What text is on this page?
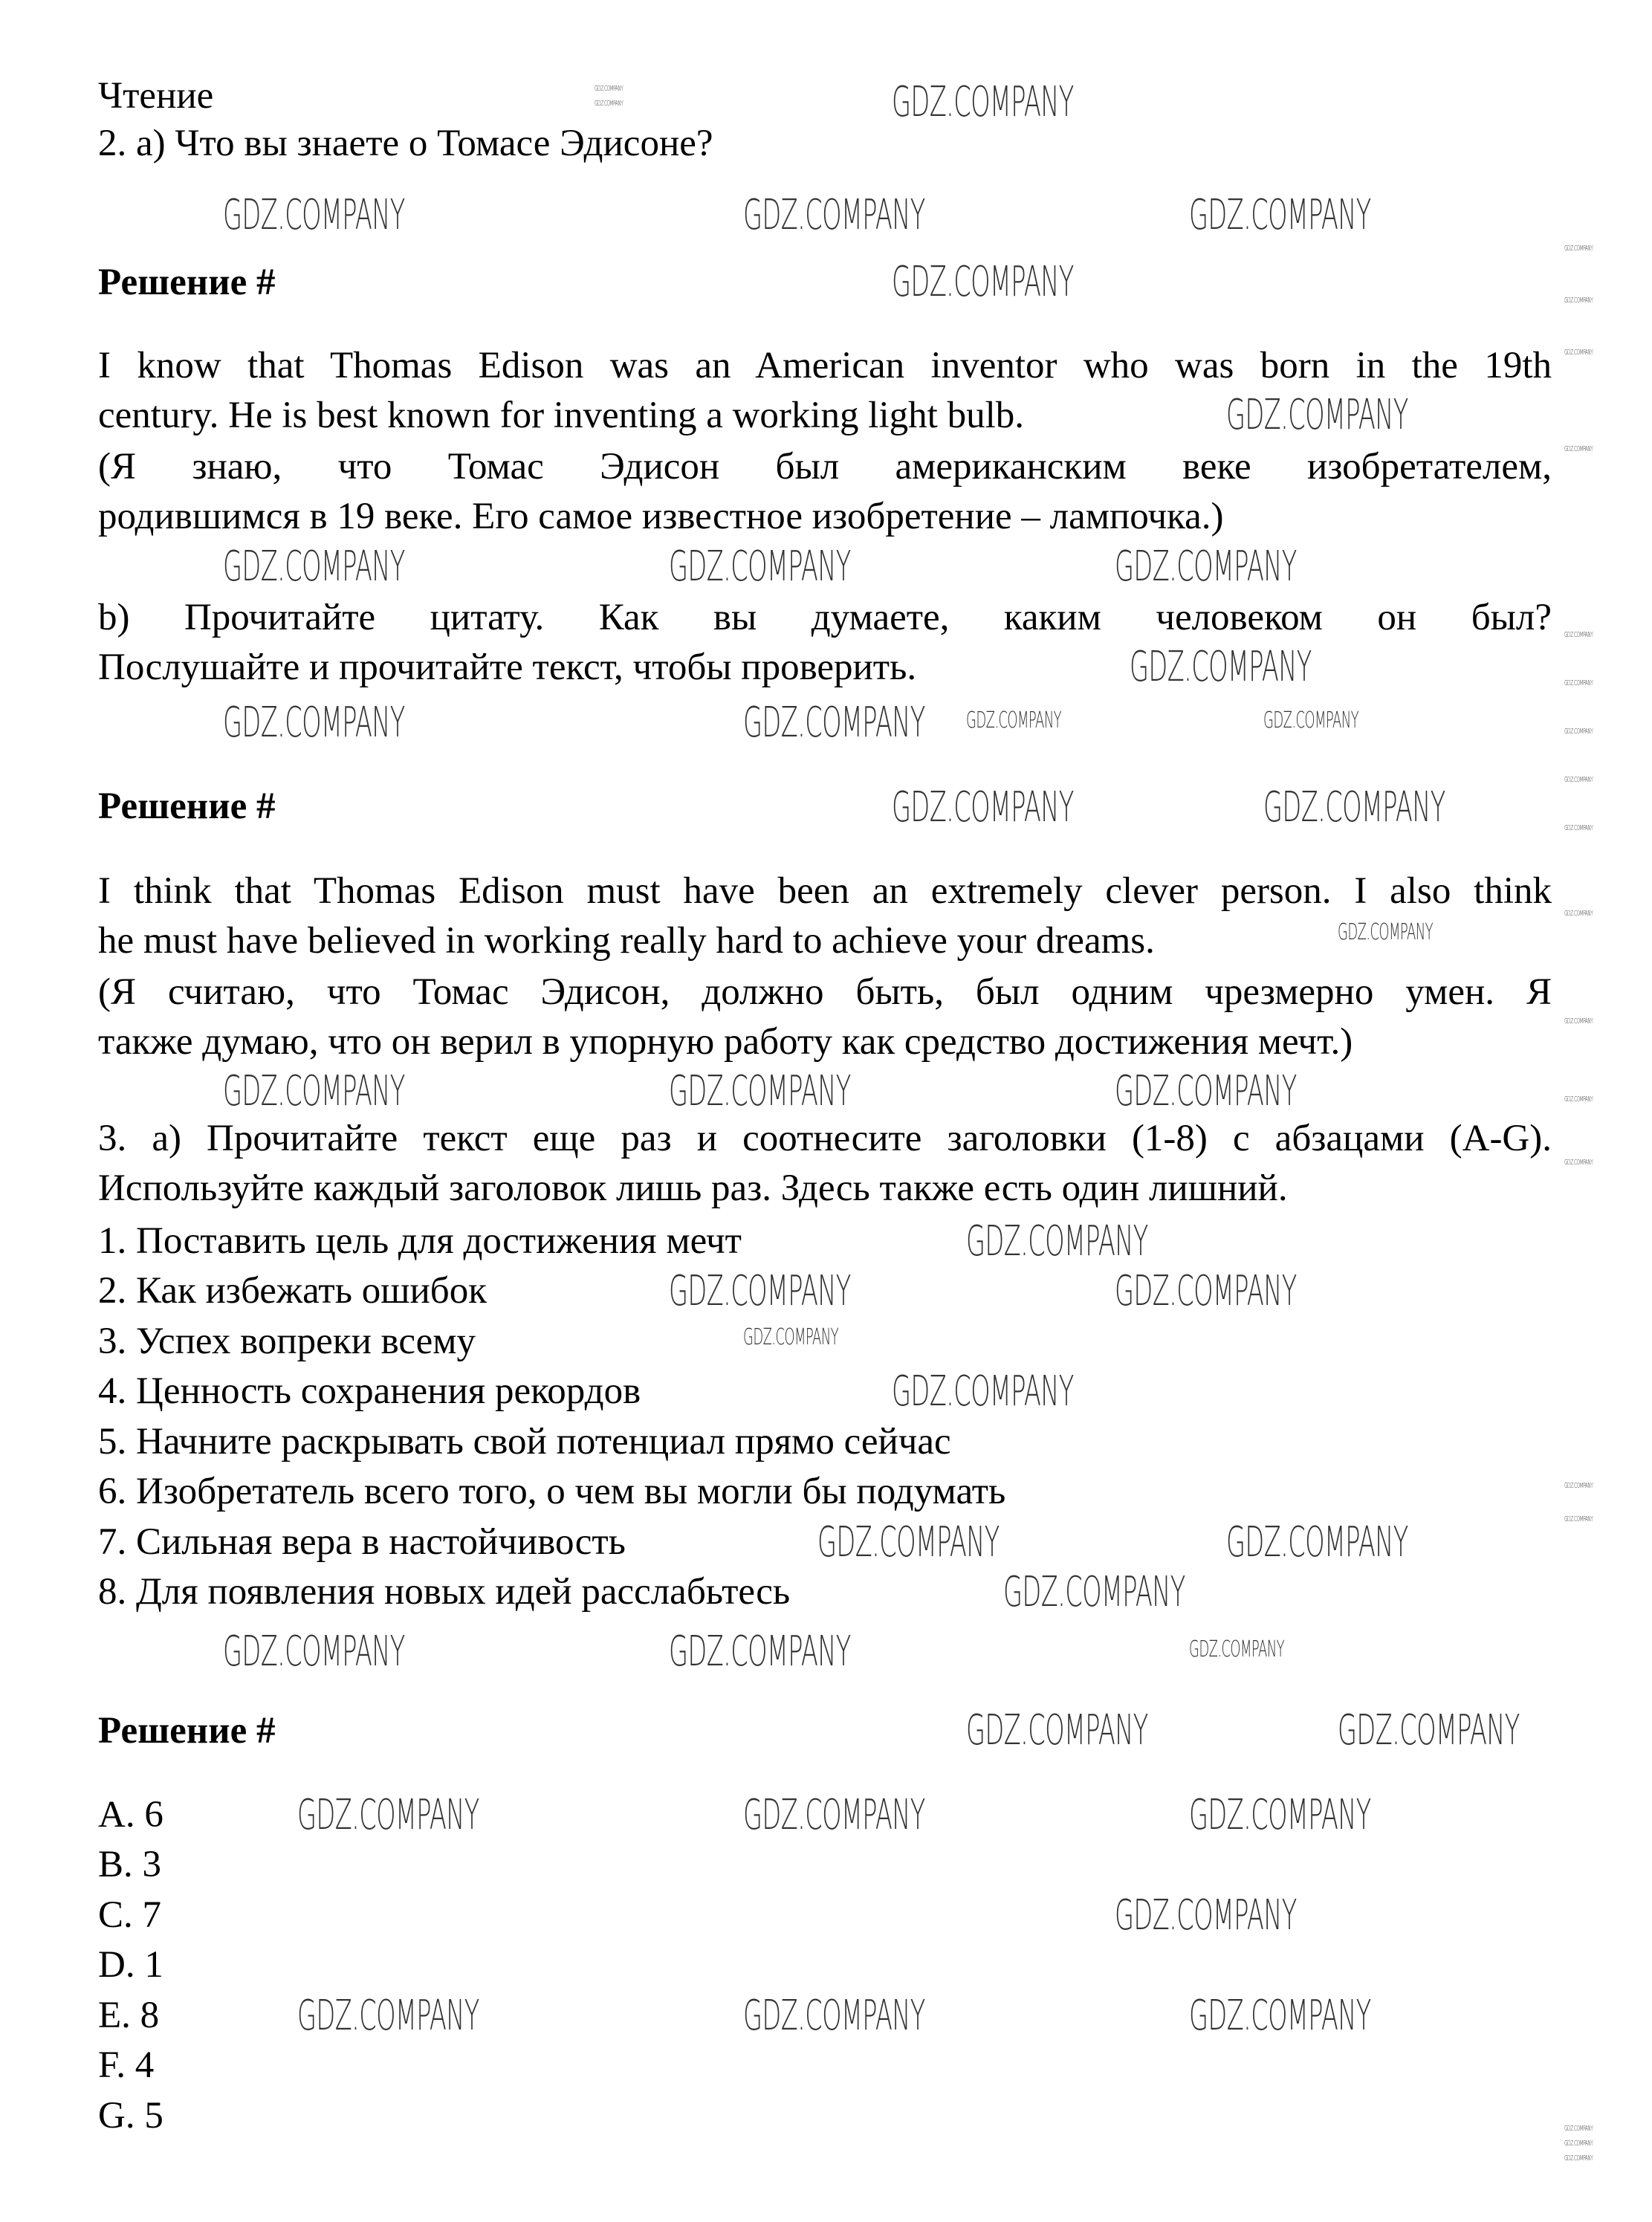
Чтение
2. a) Что вы знаете о Томасе Эдисоне?
Решение #
I know that Thomas Edison was an American inventor who was born in the 19th
century. He is best known for inventing a working light bulb.
(Я знаю, что Томас Эдисон был американским веке изобретателем,
родившимся в 19 веке. Его самое известное изобретение – лампочка.)
b) Прочитайте цитату. Как вы думаете, каким человеком он был?
Послушайте и прочитайте текст, чтобы проверить.
Решение #
I think that Thomas Edison must have been an extremely clever person. I also think
he must have believed in working really hard to achieve your dreams.
(Я считаю, что Томас Эдисон, должно быть, был одним чрезмерно умен. Я
также думаю, что он верил в упорную работу как средство достижения мечт.)
3. a) Прочитайте текст еще раз и соотнесите заголовки (1-8) с абзацами (A-G).
Используйте каждый заголовок лишь раз. Здесь также есть один лишний.
Решение #
1. Поставить цель для достижения мечт
2. Как избежать ошибок
3. Успех вопреки всему
4. Ценность сохранения рекордов
5. Начните раскрывать свой потенциал прямо сейчас
6. Изобретатель всего того, о чем вы могли бы подумать
7. Сильная вера в настойчивость
8. Для появления новых идей расслабьтесь
A. 6
B. 3
C. 7
D. 1
E. 8
F. 4
G. 5
GDZ.COMPANY
GDZ.COMPANY	GDZ.COMPANY	GDZ.COMPANY
GDZ.COMPANY
GDZ.COMPANY
GDZ.COMPANY	GDZ.COMPANY	GDZ.COMPANY
GDZ.COMPANY
GDZ.COMPANY	GDZ.COMPANY
GDZ.COMPANY	GDZ.COMPANY
GDZ.COMPANY	GDZ.COMPANY	GDZ.COMPANY
GDZ.COMPANY
GDZ.COMPANY	GDZ.COMPANY
GDZ.COMPANY
GDZ.COMPANY	GDZ.COMPANY
GDZ.COMPANY
GDZ.COMPANY	GDZ.COMPANY
GDZ.COMPANY	GDZ.COMPANY
GDZ.COMPANY	GDZ.COMPANY	GDZ.COMPANY
GDZ.COMPANY	GDZ.COMPANY	GDZ.COMPANY
GDZ.COMPANY
GDZ.COMPANY
GDZ.COMPANY	GDZ.COMPANY
GDZ.COMPANY
GDZ.COMPANY
GDZ.COMPANY
GDZ.COMPANY
GDZ.COMPANY
GDZ.COMPANY
GDZ.COMPANY
GDZ.COMPANY
GDZ.COMPANY
GDZ.COMPANY
GDZ.COMPANY
GDZ.COMPANY
GDZ.COMPANY
GDZ.COMPANY
GDZ.COMPANY
GDZ.COMPANY
GDZ.COMPANY
GDZ.COMPANY
GDZ.COMPANY
GDZ.COMPANY
GDZ.COMPANY
GDZ.COMPANY
